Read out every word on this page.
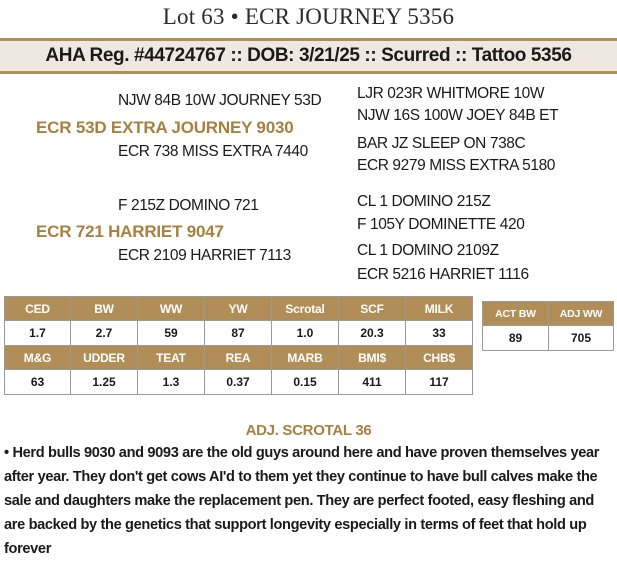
Lot 63 • ECR JOURNEY 5356
AHA Reg. #44724767 :: DOB: 3/21/25 :: Scurred :: Tattoo 5356
NJW 84B 10W JOURNEY 53D
ECR 53D EXTRA JOURNEY 9030
ECR 738 MISS EXTRA 7440
LJR 023R WHITMORE 10W
NJW 16S 100W JOEY 84B ET
BAR JZ SLEEP ON 738C
ECR 9279 MISS EXTRA 5180
F 215Z DOMINO 721
ECR 721 HARRIET 9047
ECR 2109 HARRIET 7113
CL 1 DOMINO 215Z
F 105Y DOMINETTE 420
CL 1 DOMINO 2109Z
ECR 5216 HARRIET 1116
CED	BW	WW	YW	Scrotal	SCF	MILK
1.7	2.7	59	87	1.0	20.3	33
M&G	UDDER	TEAT	REA	MARB	BMI$	CHB$
63	1.25	1.3	0.37	0.15	411	117
ACT BW	ADJ WW
89	705
ADJ. SCROTAL 36
• Herd bulls 9030 and 9093 are the old guys around here and have proven themselves year after year. They don't get cows AI'd to them yet they continue to have bull calves make the sale and daughters make the replacement pen. They are perfect footed, easy fleshing and are backed by the genetics that support longevity especially in terms of feet that hold up forever
